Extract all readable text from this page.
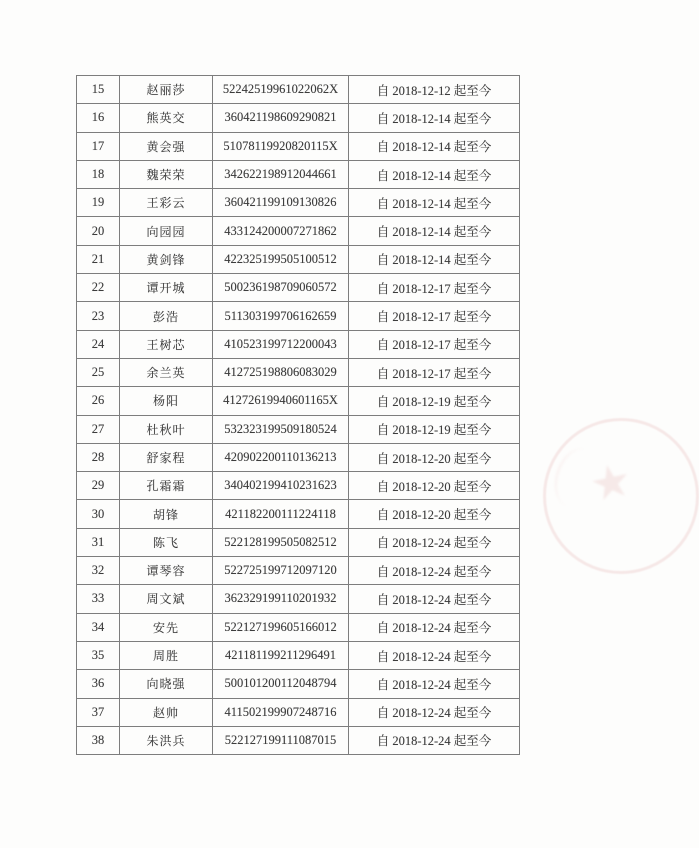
15	赵丽莎	52242519961022062X	自 2018-12-12 起至今
16	熊英交	360421198609290821	自 2018-12-14 起至今
17	黄会强	51078119920820115X	自 2018-12-14 起至今
18	魏荣荣	342622198912044661	自 2018-12-14 起至今
19	王彩云	360421199109130826	自 2018-12-14 起至今
20	向园园	433124200007271862	自 2018-12-14 起至今
21	黄剑锋	422325199505100512	自 2018-12-14 起至今
22	谭开城	500236198709060572	自 2018-12-17 起至今
23	彭浩	511303199706162659	自 2018-12-17 起至今
24	王树芯	410523199712200043	自 2018-12-17 起至今
25	余兰英	412725198806083029	自 2018-12-17 起至今
26	杨阳	41272619940601165X	自 2018-12-19 起至今
27	杜秋叶	532323199509180524	自 2018-12-19 起至今
28	舒家程	420902200110136213	自 2018-12-20 起至今
29	孔霜霜	340402199410231623	自 2018-12-20 起至今
30	胡锋	421182200111224118	自 2018-12-20 起至今
31	陈飞	522128199505082512	自 2018-12-24 起至今
32	谭琴容	522725199712097120	自 2018-12-24 起至今
33	周文斌	362329199110201932	自 2018-12-24 起至今
34	安先	522127199605166012	自 2018-12-24 起至今
35	周胜	421181199211296491	自 2018-12-24 起至今
36	向晓强	500101200112048794	自 2018-12-24 起至今
37	赵帅	411502199907248716	自 2018-12-24 起至今
38	朱洪兵	522127199111087015	自 2018-12-24 起至今
★
